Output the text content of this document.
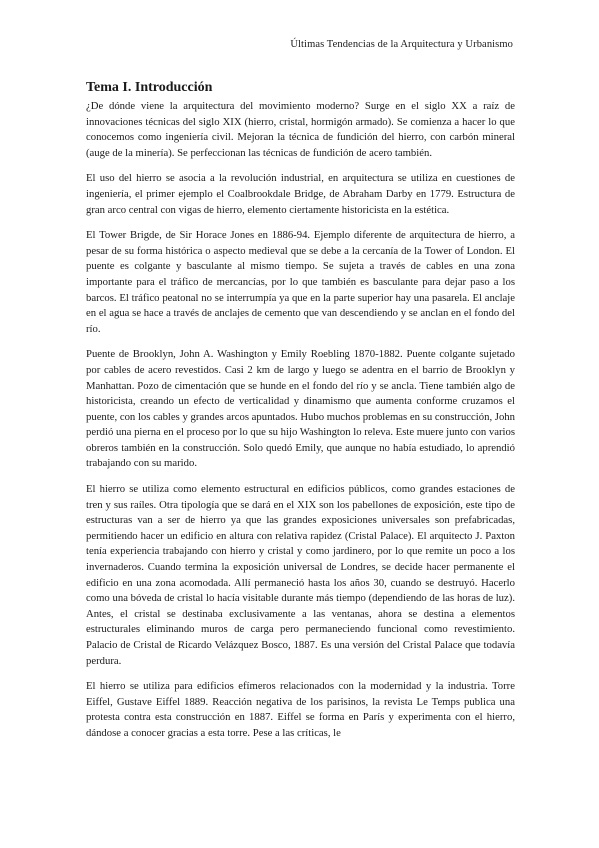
Últimas Tendencias de la Arquitectura y Urbanismo
Tema I. Introducción

¿De dónde viene la arquitectura del movimiento moderno? Surge en el siglo XX a raíz de innovaciones técnicas del siglo XIX (hierro, cristal, hormigón armado). Se comienza a hacer lo que conocemos como ingeniería civil. Mejoran la técnica de fundición del hierro, con carbón mineral (auge de la minería). Se perfeccionan las técnicas de fundición de acero también.

El uso del hierro se asocia a la revolución industrial, en arquitectura se utiliza en cuestiones de ingeniería, el primer ejemplo el Coalbrookdale Bridge, de Abraham Darby en 1779. Estructura de gran arco central con vigas de hierro, elemento ciertamente historicista en la estética.

El Tower Brigde, de Sir Horace Jones en 1886-94. Ejemplo diferente de arquitectura de hierro, a pesar de su forma histórica o aspecto medieval que se debe a la cercanía de la Tower of London. El puente es colgante y basculante al mismo tiempo. Se sujeta a través de cables en una zona importante para el tráfico de mercancías, por lo que también es basculante para dejar paso a los barcos. El tráfico peatonal no se interrumpía ya que en la parte superior hay una pasarela. El anclaje en el agua se hace a través de anclajes de cemento que van descendiendo y se anclan en el fondo del río.

Puente de Brooklyn, John A. Washington y Emily Roebling 1870-1882. Puente colgante sujetado por cables de acero revestidos. Casi 2 km de largo y luego se adentra en el barrio de Brooklyn y Manhattan. Pozo de cimentación que se hunde en el fondo del río y se ancla. Tiene también algo de historicista, creando un efecto de verticalidad y dinamismo que aumenta conforme cruzamos el puente, con los cables y grandes arcos apuntados. Hubo muchos problemas en su construcción, John perdió una pierna en el proceso por lo que su hijo Washington lo releva. Este muere junto con varios obreros también en la construcción. Solo quedó Emily, que aunque no había estudiado, lo aprendió trabajando con su marido.

El hierro se utiliza como elemento estructural en edificios públicos, como grandes estaciones de tren y sus raíles. Otra tipología que se dará en el XIX son los pabellones de exposición, este tipo de estructuras van a ser de hierro ya que las grandes exposiciones universales son prefabricadas, permitiendo hacer un edificio en altura con relativa rapidez (Cristal Palace). El arquitecto J. Paxton tenía experiencia trabajando con hierro y cristal y como jardinero, por lo que remite un poco a los invernaderos. Cuando termina la exposición universal de Londres, se decide hacer permanente el edificio en una zona acomodada. Allí permaneció hasta los años 30, cuando se destruyó. Hacerlo como una bóveda de cristal lo hacía visitable durante más tiempo (dependiendo de las horas de luz). Antes, el cristal se destinaba exclusivamente a las ventanas, ahora se destina a elementos estructurales eliminando muros de carga pero permaneciendo funcional como revestimiento. Palacio de Cristal de Ricardo Velázquez Bosco, 1887. Es una versión del Cristal Palace que todavía perdura.

El hierro se utiliza para edificios efímeros relacionados con la modernidad y la industria. Torre Eiffel, Gustave Eiffel 1889. Reacción negativa de los parisinos, la revista Le Temps publica una protesta contra esta construcción en 1887. Eiffel se forma en París y experimenta con el hierro, dándose a conocer gracias a esta torre. Pese a las críticas, le
